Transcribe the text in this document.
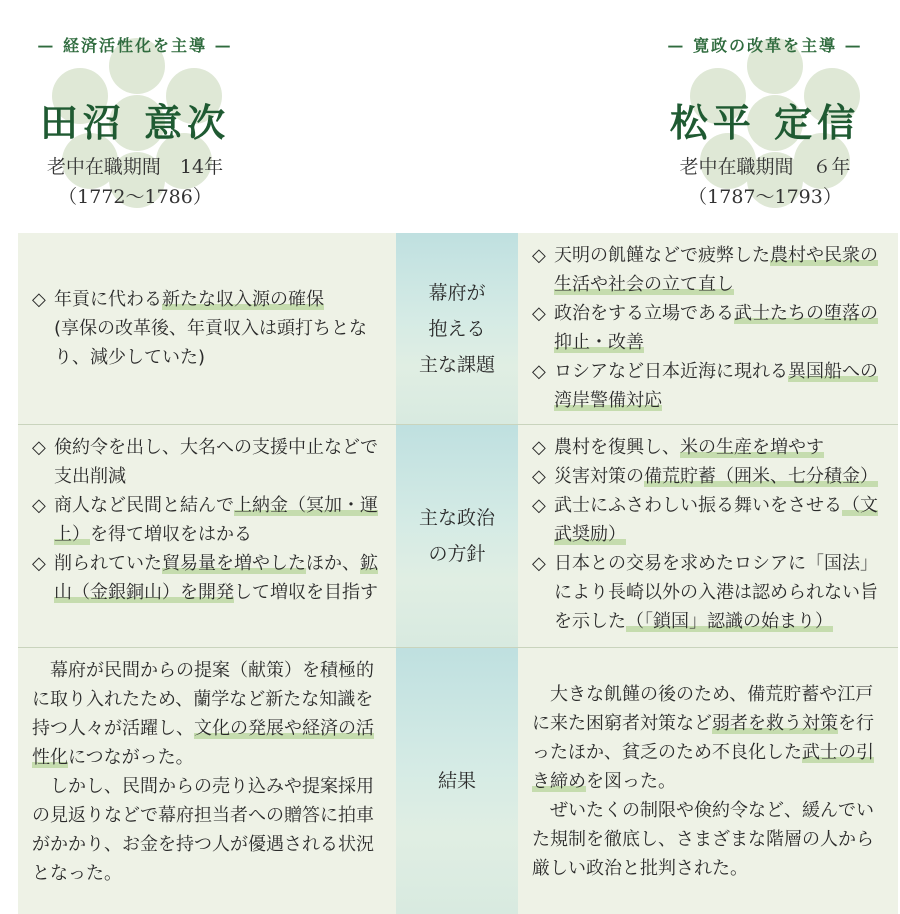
— 経済活性化を主導 —
田沼 意次
老中在職期間　14年
（1772～1786）
— 寛政の改革を主導 —
松平 定信
老中在職期間　６年
（1787～1793）
◇ 年貢に代わる新たな収入源の確保
(享保の改革後、年貢収入は頭打ちとなり、減少していた)
幕府が
抱える
主な課題
◇ 天明の飢饉などで疲弊した農村や民衆の生活や社会の立て直し
◇ 政治をする立場である武士たちの堕落の抑止・改善
◇ ロシアなど日本近海に現れる異国船への湾岸警備対応
◇ 倹約令を出し、大名への支援中止などで支出削減
◇ 商人など民間と結んで上納金（冥加・運上）を得て増収をはかる
◇ 削られていた貿易量を増やしたほか、鉱山（金銀銅山）を開発して増収を目指す
主な政治
の方針
◇ 農村を復興し、米の生産を増やす
◇ 災害対策の備荒貯蓄（囲米、七分積金）
◇ 武士にふさわしい振る舞いをさせる（文武奨励）
◇ 日本との交易を求めたロシアに「国法」により長崎以外の入港は認められない旨を示した（「鎖国」認識の始まり）
幕府が民間からの提案（献策）を積極的に取り入れたため、蘭学など新たな知識を持つ人々が活躍し、文化の発展や経済の活性化につながった。
しかし、民間からの売り込みや提案採用の見返りなどで幕府担当者への贈答に拍車がかかり、お金を持つ人が優遇される状況となった。
結果
大きな飢饉の後のため、備荒貯蓄や江戸に来た困窮者対策など弱者を救う対策を行ったほか、貧乏のため不良化した武士の引き締めを図った。
ぜいたくの制限や倹約令など、緩んでいた規制を徹底し、さまざまな階層の人から厳しい政治と批判された。
